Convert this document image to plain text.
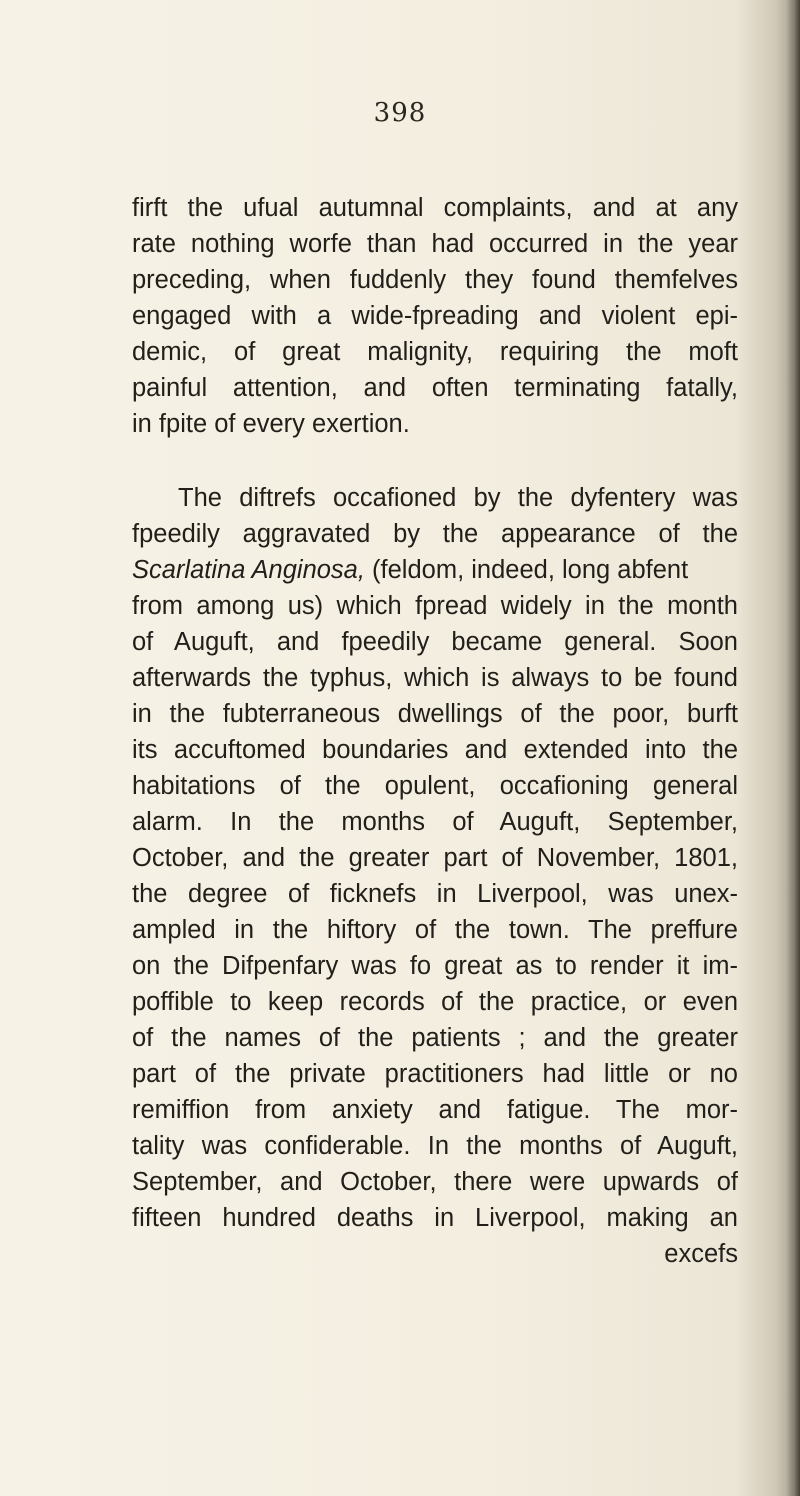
398
firft the ufual autumnal complaints, and at any
rate nothing worfe than had occurred in the year
preceding, when fuddenly they found themfelves
engaged with a wide-fpreading and violent epi-
demic, of great malignity, requiring the moft
painful attention, and often terminating fatally,
in fpite of every exertion.
The diftrefs occafioned by the dyfentery was
fpeedily aggravated by the appearance of the
Scarlatina Anginosa, (feldom, indeed, long abfent
from among us) which fpread widely in the month
of Auguft, and fpeedily became general. Soon
afterwards the typhus, which is always to be found
in the fubterraneous dwellings of the poor, burft
its accuftomed boundaries and extended into the
habitations of the opulent, occafioning general
alarm. In the months of Auguft, September,
October, and the greater part of November, 1801,
the degree of ficknefs in Liverpool, was unex-
ampled in the hiftory of the town. The preffure
on the Difpenfary was fo great as to render it im-
poffible to keep records of the practice, or even
of the names of the patients ; and the greater
part of the private practitioners had little or no
remiffion from anxiety and fatigue. The mor-
tality was confiderable. In the months of Auguft,
September, and October, there were upwards of
fifteen hundred deaths in Liverpool, making an
excefs
